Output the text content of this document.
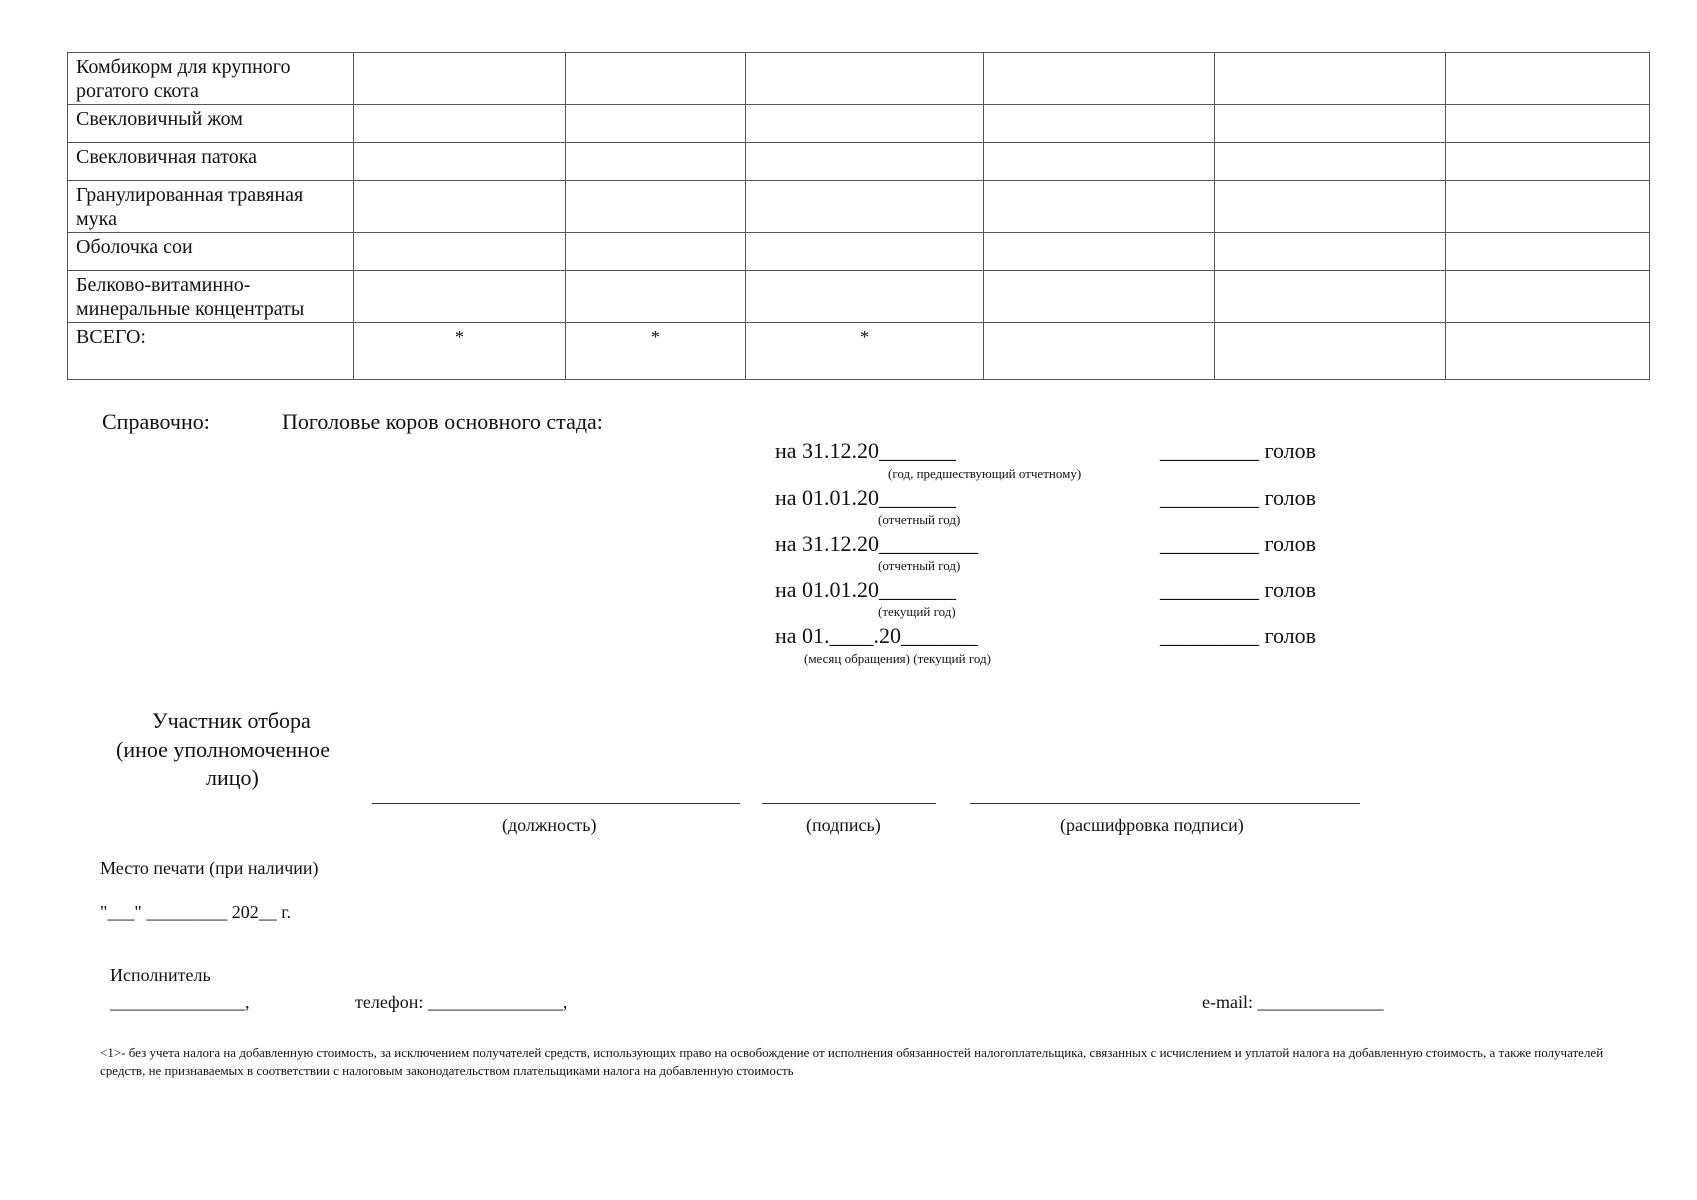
Комбикорм для крупного рогатого скота						
Свекловичный жом						
Свекловичная патока						
Гранулированная травяная мука						
Оболочка сои						
Белково-витаминно-минеральные концентраты						
ВСЕГО:	*	*	*			
Справочно:	Поголовье коров основного стада:
на 31.12.20_______
(год, предшествующий отчетному)
_________ голов
на 01.01.20_______
(отчетный год)
_________ голов
на 31.12.20_________
(отчетный год)
_________ голов
на 01.01.20_______
(текущий год)
_________ голов
на 01.____.20_______
(месяц обращения) (текущий год)
_________ голов
Участник отбора
(иное уполномоченное
лицо)
(должность)	(подпись)	(расшифровка подписи)
Место печати (при наличии)
"___" _________ 202__ г.
Исполнитель
_______________,	телефон: _______________,	e-mail: ______________
<1>- без учета налога на добавленную стоимость, за исключением получателей средств, использующих право на освобождение от исполнения обязанностей налогоплательщика, связанных с исчислением и уплатой налога на добавленную стоимость, а также получателей средств, не признаваемых в соответствии с налоговым законодательством плательщиками налога на добавленную стоимость
